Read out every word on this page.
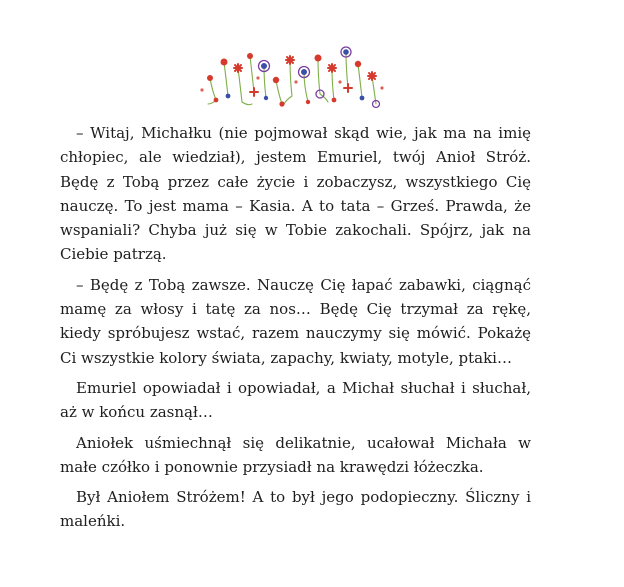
– Witaj, Michałku (nie pojmował skąd wie, jak ma na imię chłopiec, ale wiedział), jestem Emuriel, twój Anioł Stróż. Będę z Tobą przez całe życie i zobaczysz, wszystkiego Cię nauczę. To jest mama – Kasia. A to tata – Grześ. Prawda, że wspaniali? Chyba już się w Tobie zakochali. Spójrz, jak na Ciebie patrzą.

– Będę z Tobą zawsze. Nauczę Cię łapać zabawki, ciągnąć mamę za włosy i tatę za nos… Będę Cię trzymał za rękę, kiedy spróbujesz wstać, razem nauczymy się mówić. Pokażę Ci wszystkie kolory świata, zapachy, kwiaty, motyle, ptaki…

Emuriel opowiadał i opowiadał, a Michał słuchał i słuchał, aż w końcu zasnął…

Aniołek uśmiechnął się delikatnie, ucałował Michała w małe czółko i ponownie przysiadł na krawędzi łóżeczka.

Był Aniołem Stróżem! A to był jego podopieczny. Śliczny i maleńki.
